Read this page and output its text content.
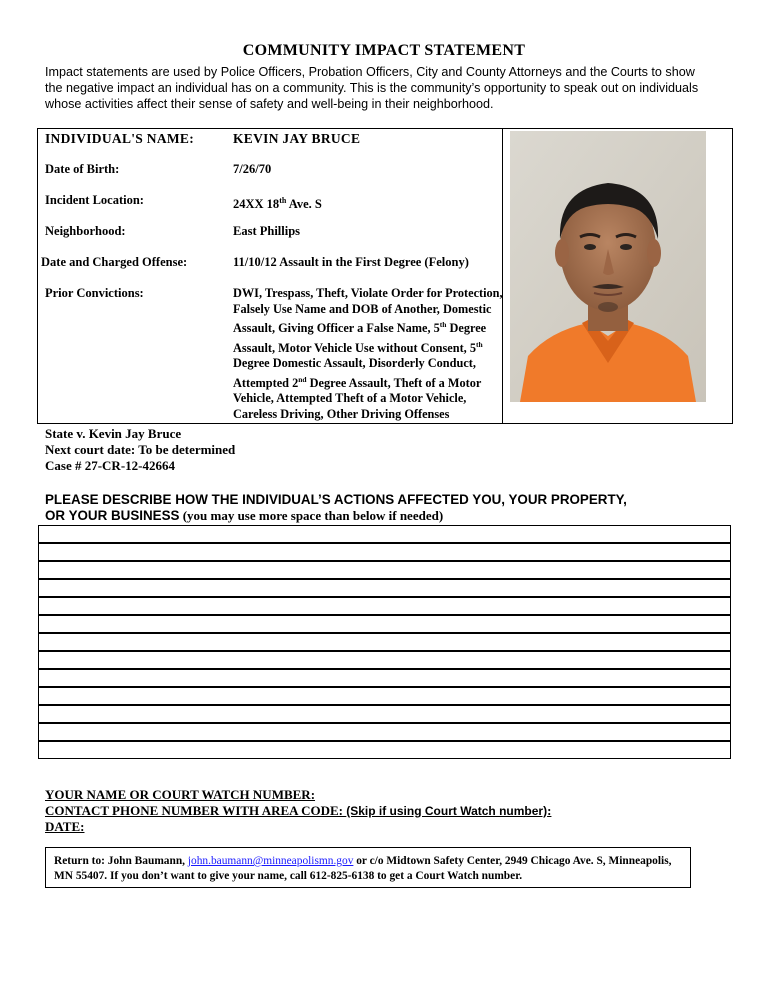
COMMUNITY IMPACT STATEMENT

Impact statements are used by Police Officers, Probation Officers, City and County Attorneys and the Courts to show

the negative impact an individual has on a community. This is the community’s opportunity to speak out on individuals

whose activities affect their sense of safety and well-being in their neighborhood.

INDIVIDUAL'S NAME:	KEVIN JAY BRUCE
Date of Birth:	7/26/70
Incident Location:	24XX 18th Ave. S
Neighborhood:	East Phillips
Date and Charged Offense:	11/10/12 Assault in the First Degree (Felony)
Prior Convictions:	DWI, Trespass, Theft, Violate Order for Protection, Falsely Use Name and DOB of Another, Domestic Assault, Giving Officer a False Name, 5th Degree Assault, Motor Vehicle Use without Consent, 5th Degree Domestic Assault, Disorderly Conduct, Attempted 2nd Degree Assault, Theft of a Motor Vehicle, Attempted Theft of a Motor Vehicle, Careless Driving, Other Driving Offenses
State v. Kevin Jay Bruce
Next court date: To be determined
Case # 27-CR-12-42664
PLEASE DESCRIBE HOW THE INDIVIDUAL’S ACTIONS AFFECTED YOU, YOUR PROPERTY,
OR YOUR BUSINESS (you may use more space than below if needed)
YOUR NAME OR COURT WATCH NUMBER:
CONTACT PHONE NUMBER WITH AREA CODE: (Skip if using Court Watch number):
DATE:
Return to: John Baumann, john.baumann@minneapolismn.gov or c/o Midtown Safety Center, 2949 Chicago Ave. S, Minneapolis, MN 55407. If you don’t want to give your name, call 612-825-6138 to get a Court Watch number.
